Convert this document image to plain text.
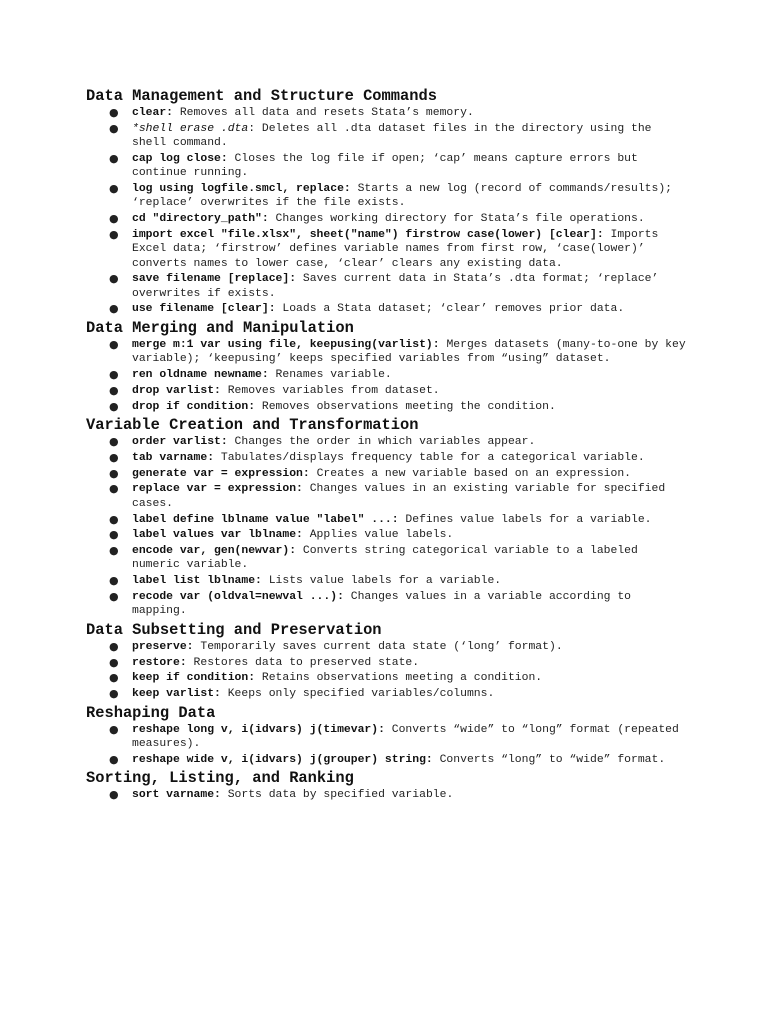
Data Management and Structure Commands
● clear: Removes all data and resets Stata’s memory.
● *shell erase .dta: Deletes all .dta dataset files in the directory using the shell command.
● cap log close: Closes the log file if open; ‘cap’ means capture errors but continue running.
● log using logfile.smcl, replace: Starts a new log (record of commands/results); ‘replace’ overwrites if the file exists.
● cd "directory_path": Changes working directory for Stata’s file operations.
● import excel "file.xlsx", sheet("name") firstrow case(lower) [clear]: Imports Excel data; ‘firstrow’ defines variable names from first row, ‘case(lower)’ converts names to lower case, ‘clear’ clears any existing data.
● save filename [replace]: Saves current data in Stata’s .dta format; ‘replace’ overwrites if exists.
● use filename [clear]: Loads a Stata dataset; ‘clear’ removes prior data.
Data Merging and Manipulation
● merge m:1 var using file, keepusing(varlist): Merges datasets (many-to-one by key variable); ‘keepusing’ keeps specified variables from “using” dataset.
● ren oldname newname: Renames variable.
● drop varlist: Removes variables from dataset.
● drop if condition: Removes observations meeting the condition.
Variable Creation and Transformation
● order varlist: Changes the order in which variables appear.
● tab varname: Tabulates/displays frequency table for a categorical variable.
● generate var = expression: Creates a new variable based on an expression.
● replace var = expression: Changes values in an existing variable for specified cases.
● label define lblname value "label" ...: Defines value labels for a variable.
● label values var lblname: Applies value labels.
● encode var, gen(newvar): Converts string categorical variable to a labeled numeric variable.
● label list lblname: Lists value labels for a variable.
● recode var (oldval=newval ...): Changes values in a variable according to mapping.
Data Subsetting and Preservation
● preserve: Temporarily saves current data state (‘long’ format).
● restore: Restores data to preserved state.
● keep if condition: Retains observations meeting a condition.
● keep varlist: Keeps only specified variables/columns.
Reshaping Data
● reshape long v, i(idvars) j(timevar): Converts “wide” to “long” format (repeated measures).
● reshape wide v, i(idvars) j(grouper) string: Converts “long” to “wide” format.
Sorting, Listing, and Ranking
● sort varname: Sorts data by specified variable.
